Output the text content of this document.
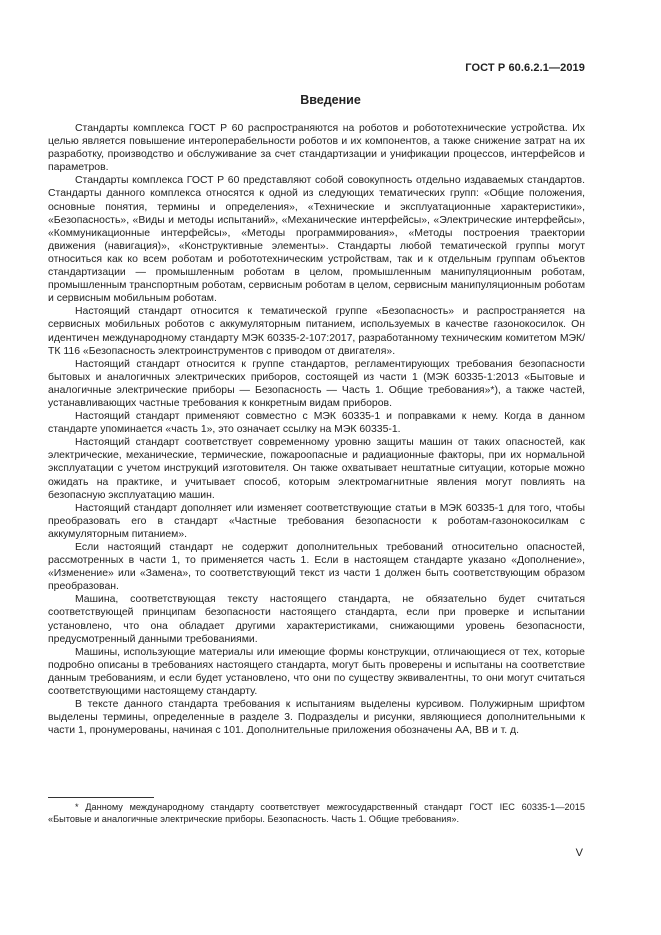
ГОСТ Р 60.6.2.1—2019
Введение

Стандарты комплекса ГОСТ Р 60 распространяются на роботов и робототехнические устройства. Их целью является повышение интероперабельности роботов и их компонентов, а также снижение затрат на их разработку, производство и обслуживание за счет стандартизации и унификации процессов, интерфейсов и параметров.

Стандарты комплекса ГОСТ Р 60 представляют собой совокупность отдельно издаваемых стандартов. Стандарты данного комплекса относятся к одной из следующих тематических групп: «Общие положения, основные понятия, термины и определения», «Технические и эксплуатационные характеристики», «Безопасность», «Виды и методы испытаний», «Механические интерфейсы», «Электрические интерфейсы», «Коммуникационные интерфейсы», «Методы программирования», «Методы построения траектории движения (навигация)», «Конструктивные элементы». Стандарты любой тематической группы могут относиться как ко всем роботам и робототехническим устройствам, так и к отдельным группам объектов стандартизации — промышленным роботам в целом, промышленным манипуляционным роботам, промышленным транспортным роботам, сервисным роботам в целом, сервисным манипуляционным роботам и сервисным мобильным роботам.

Настоящий стандарт относится к тематической группе «Безопасность» и распространяется на сервисных мобильных роботов с аккумуляторным питанием, используемых в качестве газонокосилок. Он идентичен международному стандарту МЭК 60335-2-107:2017, разработанному техническим комитетом МЭК/ТК 116 «Безопасность электроинструментов с приводом от двигателя».

Настоящий стандарт относится к группе стандартов, регламентирующих требования безопасности бытовых и аналогичных электрических приборов, состоящей из части 1 (МЭК 60335-1:2013 «Бытовые и аналогичные электрические приборы — Безопасность — Часть 1. Общие требования»*), а также частей, устанавливающих частные требования к конкретным видам приборов.

Настоящий стандарт применяют совместно с МЭК 60335-1 и поправками к нему. Когда в данном стандарте упоминается «часть 1», это означает ссылку на МЭК 60335-1.

Настоящий стандарт соответствует современному уровню защиты машин от таких опасностей, как электрические, механические, термические, пожароопасные и радиационные факторы, при их нормальной эксплуатации с учетом инструкций изготовителя. Он также охватывает нештатные ситуации, которые можно ожидать на практике, и учитывает способ, которым электромагнитные явления могут повлиять на безопасную эксплуатацию машин.

Настоящий стандарт дополняет или изменяет соответствующие статьи в МЭК 60335-1 для того, чтобы преобразовать его в стандарт «Частные требования безопасности к роботам-газонокосилкам с аккумуляторным питанием».

Если настоящий стандарт не содержит дополнительных требований относительно опасностей, рассмотренных в части 1, то применяется часть 1. Если в настоящем стандарте указано «Дополнение», «Изменение» или «Замена», то соответствующий текст из части 1 должен быть соответствующим образом преобразован.

Машина, соответствующая тексту настоящего стандарта, не обязательно будет считаться соответствующей принципам безопасности настоящего стандарта, если при проверке и испытании установлено, что она обладает другими характеристиками, снижающими уровень безопасности, предусмотренный данными требованиями.

Машины, использующие материалы или имеющие формы конструкции, отличающиеся от тех, которые подробно описаны в требованиях настоящего стандарта, могут быть проверены и испытаны на соответствие данным требованиям, и если будет установлено, что они по существу эквивалентны, то они могут считаться соответствующими настоящему стандарту.

В тексте данного стандарта требования к испытаниям выделены курсивом. Полужирным шрифтом выделены термины, определенные в разделе 3. Подразделы и рисунки, являющиеся дополнительными к части 1, пронумерованы, начиная с 101. Дополнительные приложения обозначены АА, ВВ и т. д.

* Данному международному стандарту соответствует межгосударственный стандарт ГОСТ IEC 60335-1—2015 «Бытовые и аналогичные электрические приборы. Безопасность. Часть 1. Общие требования».
V
